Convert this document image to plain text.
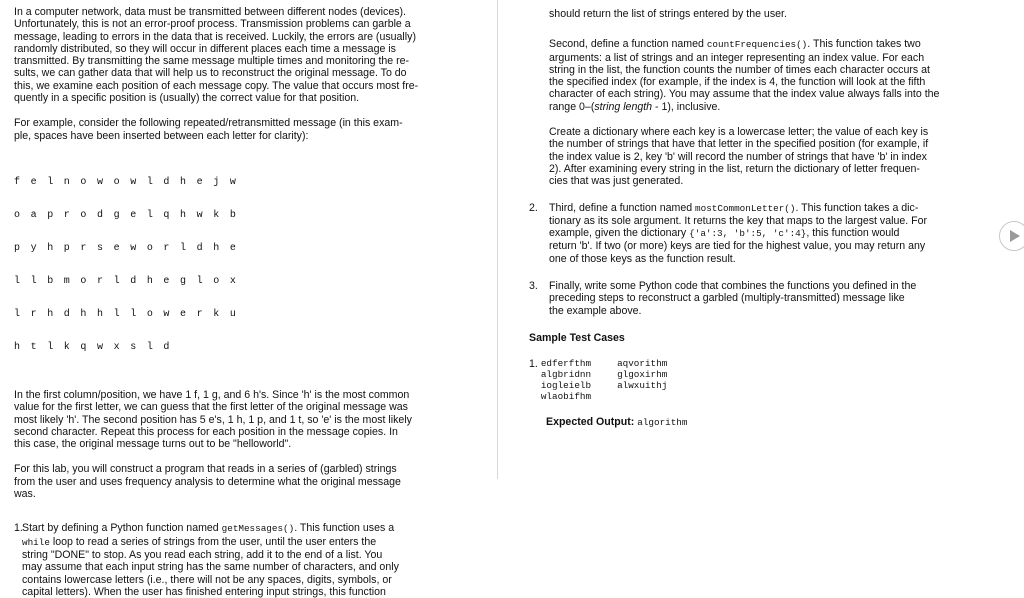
In a computer network, data must be transmitted between different nodes (devices).
Unfortunately, this is not an error-proof process. Transmission problems can garble a
message, leading to errors in the data that is received. Luckily, the errors are (usually)
randomly distributed, so they will occur in different places each time a message is
transmitted. By transmitting the same message multiple times and monitoring the re-
sults, we can gather data that will help us to reconstruct the original message. To do
this, we examine each position of each message copy. The value that occurs most fre-
quently in a specific position is (usually) the correct value for that position.

For example, consider the following repeated/retransmitted message (in this exam-
ple, spaces have been inserted between each letter for clarity):

f e l n o w o w l d h e j w

o a p r o d g e l q h w k b

p y h p r s e w o r l d h e

l l b m o r l d h e g l o x

l r h d h h l l o w e r k u

h t l k q w x s l d

In the first column/position, we have 1 f, 1 g, and 6 h's. Since 'h' is the most common
value for the first letter, we can guess that the first letter of the original message was
most likely 'h'. The second position has 5 e's, 1 h, 1 p, and 1 t, so 'e' is the most likely
second character. Repeat this process for each position in the message copies. In
this case, the original message turns out to be "helloworld".

For this lab, you will construct a program that reads in a series of (garbled) strings
from the user and uses frequency analysis to determine what the original message
was.

1. Start by defining a Python function named getMessages(). This function uses a
while loop to read a series of strings from the user, until the user enters the
string "DONE" to stop. As you read each string, add it to the end of a list. You
may assume that each input string has the same number of characters, and only
contains lowercase letters (i.e., there will not be any spaces, digits, symbols, or
capital letters). When the user has finished entering input strings, this function

should return the list of strings entered by the user.

Second, define a function named countFrequencies(). This function takes two
arguments: a list of strings and an integer representing an index value. For each
string in the list, the function counts the number of times each character occurs at
the specified index (for example, if the index is 4, the function will look at the fifth
character of each string). You may assume that the index value always falls into the
range 0–(string length - 1), inclusive.
Create a dictionary where each key is a lowercase letter; the value of each key is
the number of strings that have that letter in the specified position (for example, if
the index value is 2, key 'b' will record the number of strings that have 'b' in index
2). After examining every string in the list, return the dictionary of letter frequen-
cies that was just generated.
2. Third, define a function named mostCommonLetter(). This function takes a dic-
tionary as its sole argument. It returns the key that maps to the largest value. For
example, given the dictionary {'a':3, 'b':5, 'c':4}, this function would
return 'b'. If two (or more) keys are tied for the highest value, you may return any
one of those keys as the function result.
3. Finally, write some Python code that combines the functions you defined in the
preceding steps to reconstruct a garbled (multiply-transmitted) message like
the example above.
Sample Test Cases
1. edferfthm
algbridnn
iogleielb
wlaobifhm
aqvorithm
glgoxirhm
alwxuithj
Expected Output: algorithm
